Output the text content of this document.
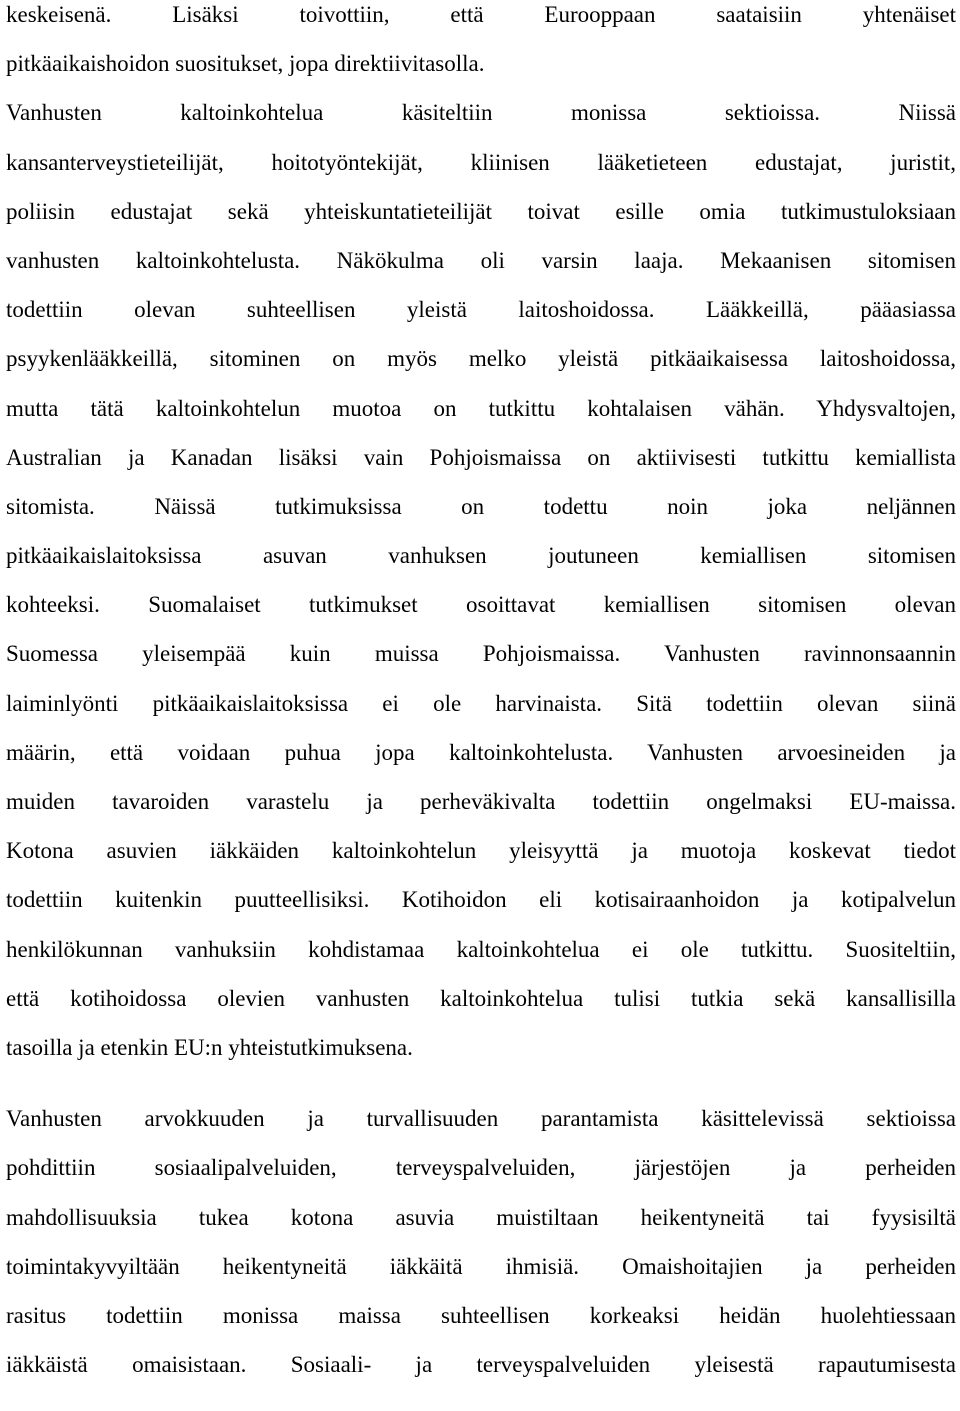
keskeisenä. Lisäksi toivottiin, että Eurooppaan saataisiin yhtenäiset
pitkäaikaishoidon suositukset, jopa direktiivitasolla.
Vanhusten kaltoinkohtelua käsiteltiin monissa sektioissa. Niissä
kansanterveystieteilijät, hoitotyöntekijät, kliinisen lääketieteen edustajat, juristit,
poliisin edustajat sekä yhteiskuntatieteilijät toivat esille omia tutkimustuloksiaan
vanhusten kaltoinkohtelusta. Näkökulma oli varsin laaja. Mekaanisen sitomisen
todettiin olevan suhteellisen yleistä laitoshoidossa. Lääkkeillä, pääasiassa
psyykenlääkkeillä, sitominen on myös melko yleistä pitkäaikaisessa laitoshoidossa,
mutta tätä kaltoinkohtelun muotoa on tutkittu kohtalaisen vähän. Yhdysvaltojen,
Australian ja Kanadan lisäksi vain Pohjoismaissa on aktiivisesti tutkittu kemiallista
sitomista. Näissä tutkimuksissa on todettu noin joka neljännen
pitkäaikaislaitoksissa asuvan vanhuksen joutuneen kemiallisen sitomisen
kohteeksi. Suomalaiset tutkimukset osoittavat kemiallisen sitomisen olevan
Suomessa yleisempää kuin muissa Pohjoismaissa. Vanhusten ravinnonsaannin
laiminlyönti pitkäaikaislaitoksissa ei ole harvinaista. Sitä todettiin olevan siinä
määrin, että voidaan puhua jopa kaltoinkohtelusta. Vanhusten arvoesineiden ja
muiden tavaroiden varastelu ja perheväkivalta todettiin ongelmaksi EU-maissa.
Kotona asuvien iäkkäiden kaltoinkohtelun yleisyyttä ja muotoja koskevat tiedot
todettiin kuitenkin puutteellisiksi. Kotihoidon eli kotisairaanhoidon ja kotipalvelun
henkilökunnan vanhuksiin kohdistamaa kaltoinkohtelua ei ole tutkittu. Suositeltiin,
että kotihoidossa olevien vanhusten kaltoinkohtelua tulisi tutkia sekä kansallisilla
tasoilla ja etenkin EU:n yhteistutkimuksena.
Vanhusten arvokkuuden ja turvallisuuden parantamista käsittelevissä sektioissa
pohdittiin sosiaalipalveluiden, terveyspalveluiden, järjestöjen ja perheiden
mahdollisuuksia tukea kotona asuvia muistiltaan heikentyneitä tai fyysisiltä
toimintakyvyiltään heikentyneitä iäkkäitä ihmisiä. Omaishoitajien ja perheiden
rasitus todettiin monissa maissa suhteellisen korkeaksi heidän huolehtiessaan
iäkkäistä omaisistaan. Sosiaali- ja terveyspalveluiden yleisestä rapautumisesta
